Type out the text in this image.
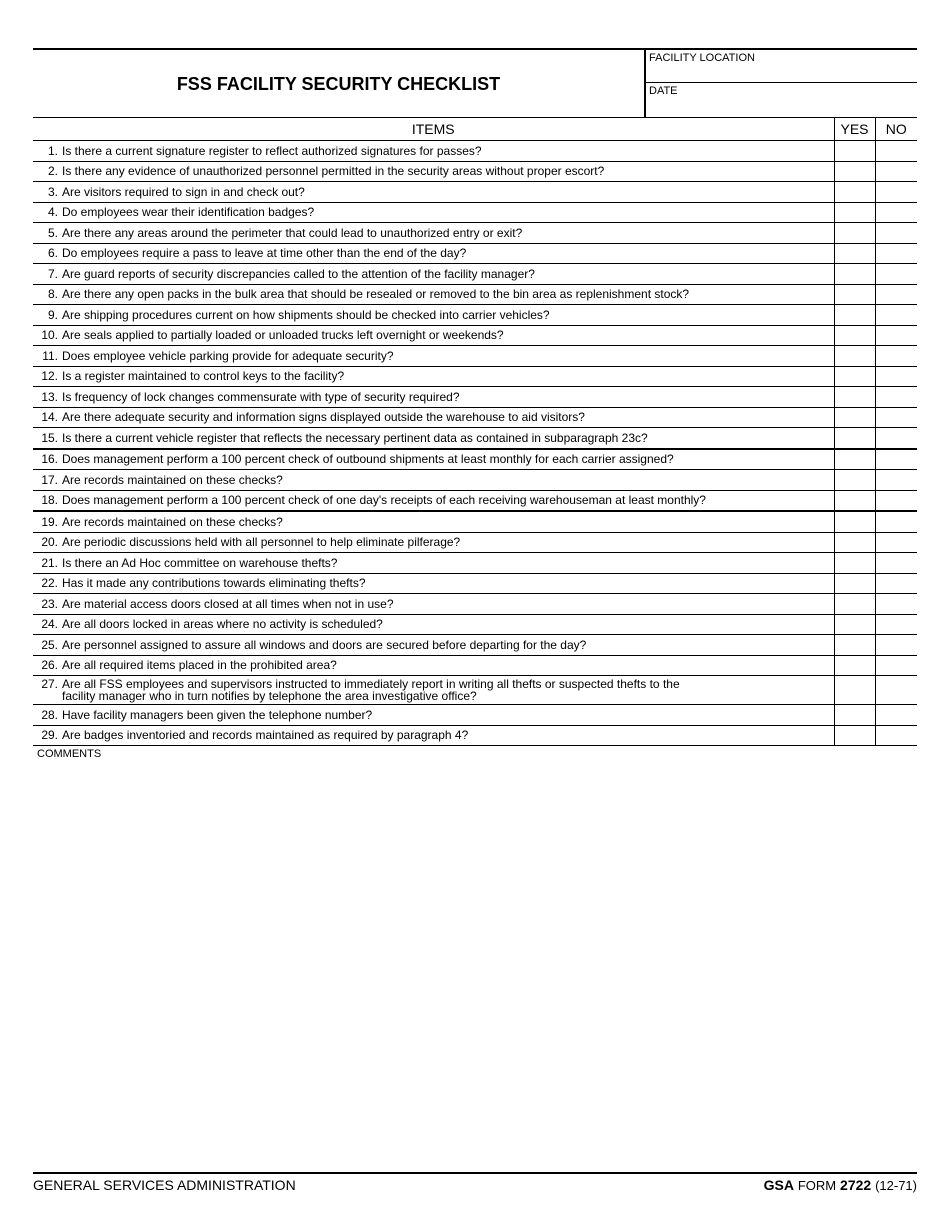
FSS FACILITY SECURITY CHECKLIST
FACILITY LOCATION
DATE
ITEMS	YES	NO

1. Is there a current signature register to reflect authorized signatures for passes?		

2. Is there any evidence of unauthorized personnel permitted in the security areas without proper escort?		

3. Are visitors required to sign in and check out?		

4. Do employees wear their identification badges?		

5. Are there any areas around the perimeter that could lead to unauthorized entry or exit?		

6. Do employees require a pass to leave at time other than the end of the day?		

7. Are guard reports of security discrepancies called to the attention of the facility manager?		

8. Are there any open packs in the bulk area that should be resealed or removed to the bin area as replenishment stock?		

9. Are shipping procedures current on how shipments should be checked into carrier vehicles?		

10. Are seals applied to partially loaded or unloaded trucks left overnight or weekends?		

11. Does employee vehicle parking provide for adequate security?		

12. Is a register maintained to control keys to the facility?		

13. Is frequency of lock changes commensurate with type of security required?		

14. Are there adequate security and information signs displayed outside the warehouse to aid visitors?		

15. Is there a current vehicle register that reflects the necessary pertinent data as contained in subparagraph 23c?		

16. Does management perform a 100 percent check of outbound shipments at least monthly for each carrier assigned?		

17. Are records maintained on these checks?		

18. Does management perform a 100 percent check of one day's receipts of each receiving warehouseman at least monthly?		

19. Are records maintained on these checks?		

20. Are periodic discussions held with all personnel to help eliminate pilferage?		

21. Is there an Ad Hoc committee on warehouse thefts?		

22. Has it made any contributions towards eliminating thefts?		

23. Are material access doors closed at all times when not in use?		

24. Are all doors locked in areas where no activity is scheduled?		

25. Are personnel assigned to assure all windows and doors are secured before departing for the day?		

26. Are all required items placed in the prohibited area?		

27. Are all FSS employees and supervisors instructed to immediately report in writing all thefts or suspected thefts to the
facility manager who in turn notifies by telephone the area investigative office?		

28. Have facility managers been given the telephone number?		

29. Are badges inventoried and records maintained as required by paragraph 4?		

COMMENTS
GENERAL SERVICES ADMINISTRATION	GSA FORM 2722 (12-71)
